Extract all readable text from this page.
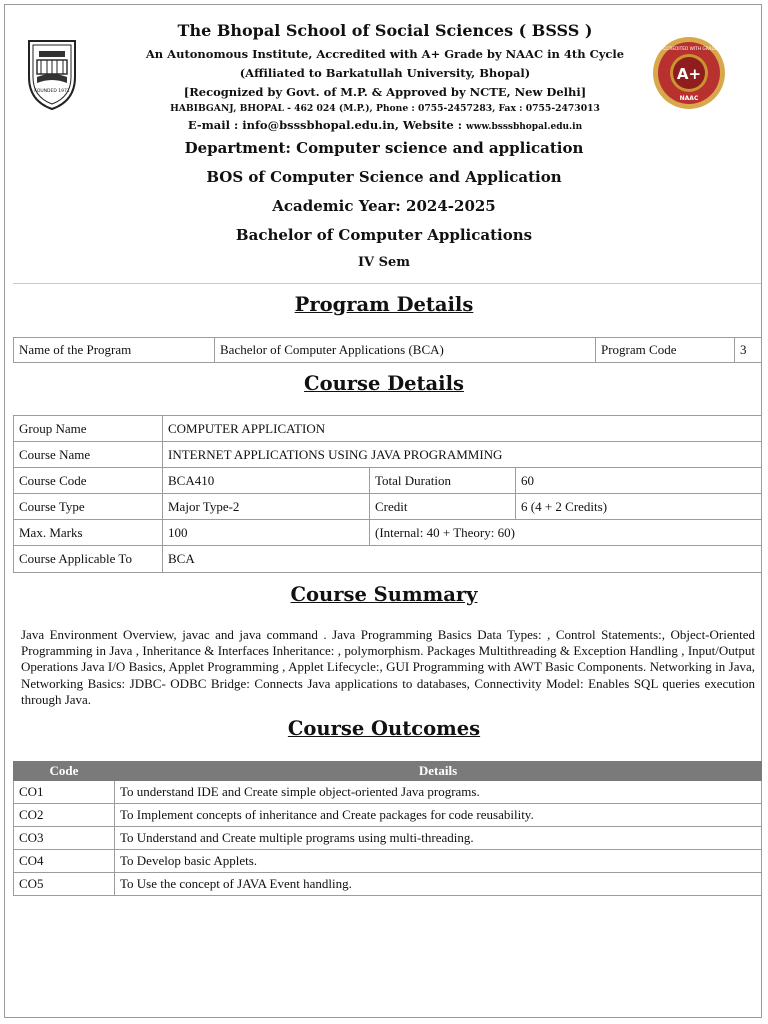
FOUNDED 1971
The Bhopal School of Social Sciences ( BSSS )
An Autonomous Institute, Accredited with A+ Grade by NAAC in 4th Cycle
(Affiliated to Barkatullah University, Bhopal)
[Recognized by Govt. of M.P. & Approved by NCTE, New Delhi]
HABIBGANJ, BHOPAL - 462 024 (M.P.), Phone : 0755-2457283, Fax : 0755-2473013
E-mail : info@bsssbhopal.edu.in, Website : www.bsssbhopal.edu.in
A+
ACCREDITED WITH GRADE
NAAC
Department: Computer science and application
BOS of Computer Science and Application
Academic Year: 2024-2025
Bachelor of Computer Applications
IV Sem
Program Details
Name of the Program	Bachelor of Computer Applications (BCA)	Program Code	3
Course Details
Group Name	COMPUTER APPLICATION		
Course Name	INTERNET APPLICATIONS USING JAVA PROGRAMMING		
Course Code	BCA410	Total Duration	60
Course Type	Major Type-2	Credit	6 (4 + 2 Credits)
Max. Marks	100	(Internal: 40 + Theory: 60)	
Course Applicable To	BCA		
Course Summary
Java Environment Overview, javac and java command . Java Programming Basics Data Types: , Control Statements:, Object-Oriented Programming in Java , Inheritance & Interfaces Inheritance: , polymorphism. Packages Multithreading & Exception Handling , Input/Output Operations Java I/O Basics, Applet Programming , Applet Lifecycle:, GUI Programming with AWT Basic Components. Networking in Java, Networking Basics: JDBC- ODBC Bridge: Connects Java applications to databases, Connectivity Model: Enables SQL queries execution through Java.
Course Outcomes
Code	Details
CO1	To understand IDE and Create simple object-oriented Java programs.
CO2	To Implement concepts of inheritance and Create packages for code reusability.
CO3	To Understand and Create multiple programs using multi-threading.
CO4	To Develop basic Applets.
CO5	To Use the concept of JAVA Event handling.
